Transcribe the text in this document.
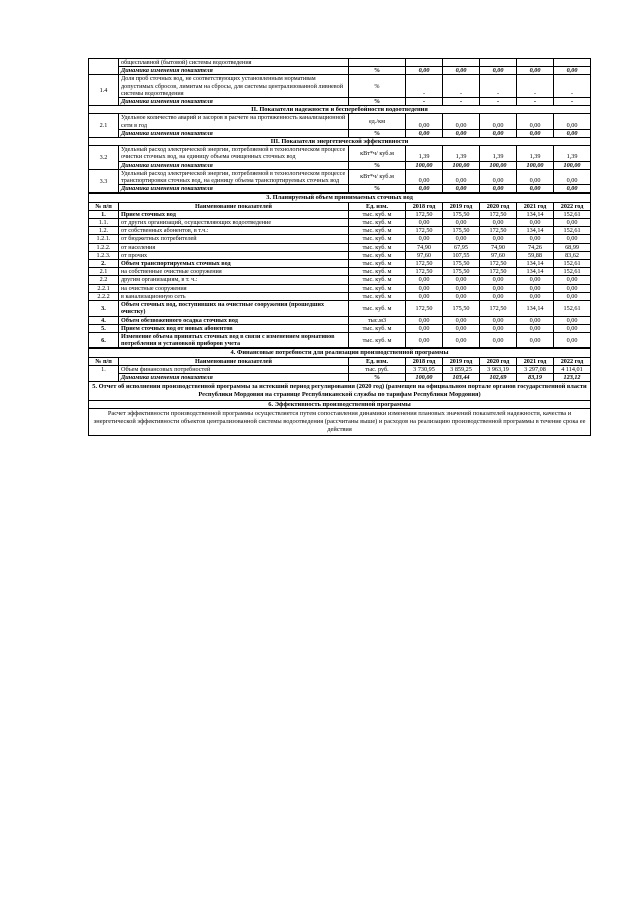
	общесплавной (бытовой) системы водоотведения						
	Динамика изменения показателя	%	0,00	0,00	0,00	0,00	0,00
1.4	Доля проб сточных вод, не соответствующих установленным нормативам допустимых сбросов, лимитам на сбросы, для системы централизованной ливневой системы водоотведения	%	-	-	-	-	-
	Динамика изменения показателя	%	-	-	-	-	-
II. Показатели надежности и бесперебойности водоотведения							
2.1	Удельное количество аварий и засоров в расчете на протяженность канализационной сети в год	ед./км	0,00	0,00	0,00	0,00	0,00
	Динамика изменения показателя	%	0,00	0,00	0,00	0,00	0,00
III. Показатели энергетической эффективности							
3.2	Удельный расход электрической энергии, потребляемой в технологическом процессе очистки сточных вод, на единицу объема очищенных сточных вод	кВт*ч/ куб.м	1,39	1,39	1,39	1,39	1,39
	Динамика изменения показателя	%	100,00	100,00	100,00	100,00	100,00
3.3	Удельный расход электрической энергии, потребляемой в технологическом процессе транспортировки сточных вод, на единицу объема транспортируемых сточных вод	кВт*ч/ куб.м	0,00	0,00	0,00	0,00	0,00
	Динамика изменения показателя	%	0,00	0,00	0,00	0,00	0,00
3. Планируемый объем принимаемых сточных вод							
№ п/п	Наименование показателей	Ед. изм.	2018 год	2019 год	2020 год	2021 год	2022 год
1.	Прием сточных вод	тыс. куб. м	172,50	175,50	172,50	134,14	152,61
1.1.	от других организаций, осуществляющих водоотведение	тыс. куб. м	0,00	0,00	0,00	0,00	0,00
1.2.	от собственных абонентов, в т.ч.:	тыс. куб. м	172,50	175,50	172,50	134,14	152,61
1.2.1.	от бюджетных потребителей	тыс. куб. м	0,00	0,00	0,00	0,00	0,00
1.2.2.	от населения	тыс. куб. м	74,90	67,95	74,90	74,26	68,99
1.2.3.	от прочих	тыс. куб. м	97,60	107,55	97,60	59,88	83,62
2.	Объем транспортируемых сточных вод	тыс. куб. м	172,50	175,50	172,50	134,14	152,61
2.1	на собственные очистные сооружения	тыс. куб. м	172,50	175,50	172,50	134,14	152,61
2.2	другим организациям, в т. ч.:	тыс. куб. м	0,00	0,00	0,00	0,00	0,00
2.2.1	на очистные сооружения	тыс. куб. м	0,00	0,00	0,00	0,00	0,00
2.2.2	в канализационную сеть	тыс. куб. м	0,00	0,00	0,00	0,00	0,00
3.	Объем сточных вод, поступивших на очистные сооружения (прошедших очистку)	тыс. куб. м	172,50	175,50	172,50	134,14	152,61
4.	Объем обезвоженного осадка сточных вод	тыс.м3	0,00	0,00	0,00	0,00	0,00
5.	Прием сточных вод от новых абонентов	тыс. куб. м	0,00	0,00	0,00	0,00	0,00
6.	Изменение объема принятых сточных вод в связи с изменением нормативов потребления и установкой приборов учета	тыс. куб. м	0,00	0,00	0,00	0,00	0,00
4. Финансовые потребности для реализации производственной программы							
№ п/п	Наименование показателей	Ед. изм.	2018 год	2019 год	2020 год	2021 год	2022 год
1.	Объем финансовых потребностей	тыс. руб.	3 730,95	3 859,25	3 963,19	3 297,08	4 114,01
	Динамика изменения показателя	%	100,00	103,44	102,69	83,19	123,12
5. Отчет об исполнении производственной программы за истекший период регулирования (2020 год) (размещен на официальном портале органов государственной власти Республики Мордовия на странице Республиканской службы по тарифам Республики Мордовия)							
6. Эффективность производственной программы							
Расчет эффективности производственной программы осуществляется путем сопоставления динамики изменения плановых значений показателей надежности, качества и энергетической эффективности объектов централизованной системы водоотведения (рассчитаны выше) и расходов на реализацию производственной программы в течение срока ее действия							
